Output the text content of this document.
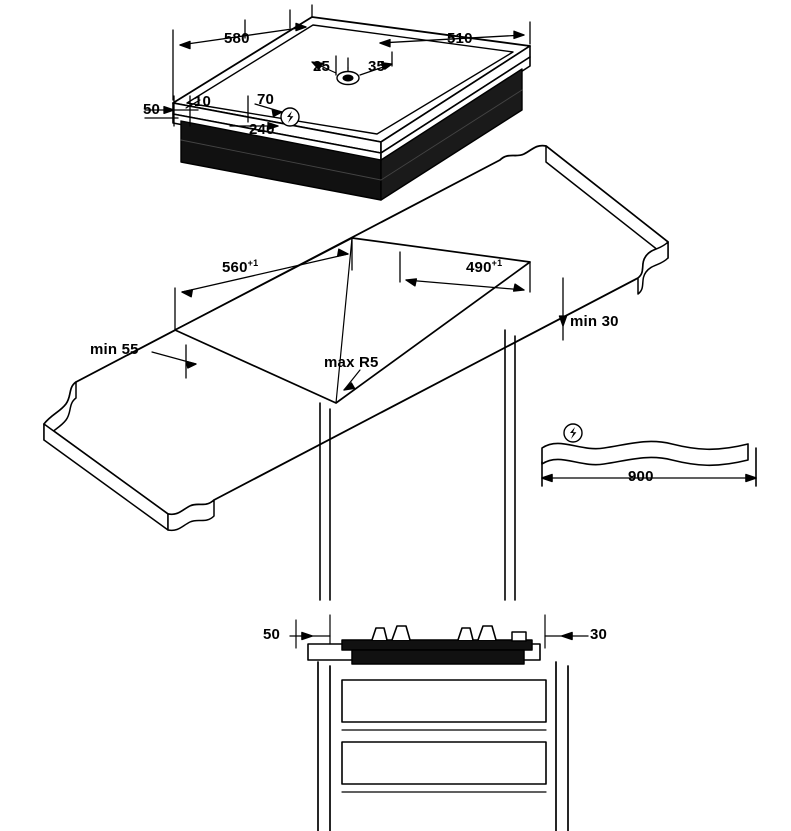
580	510
25	35
50 10	70
240
$560^{+1}$	$490^{+1}$
min 55
min 30
max R5
900
50	30
